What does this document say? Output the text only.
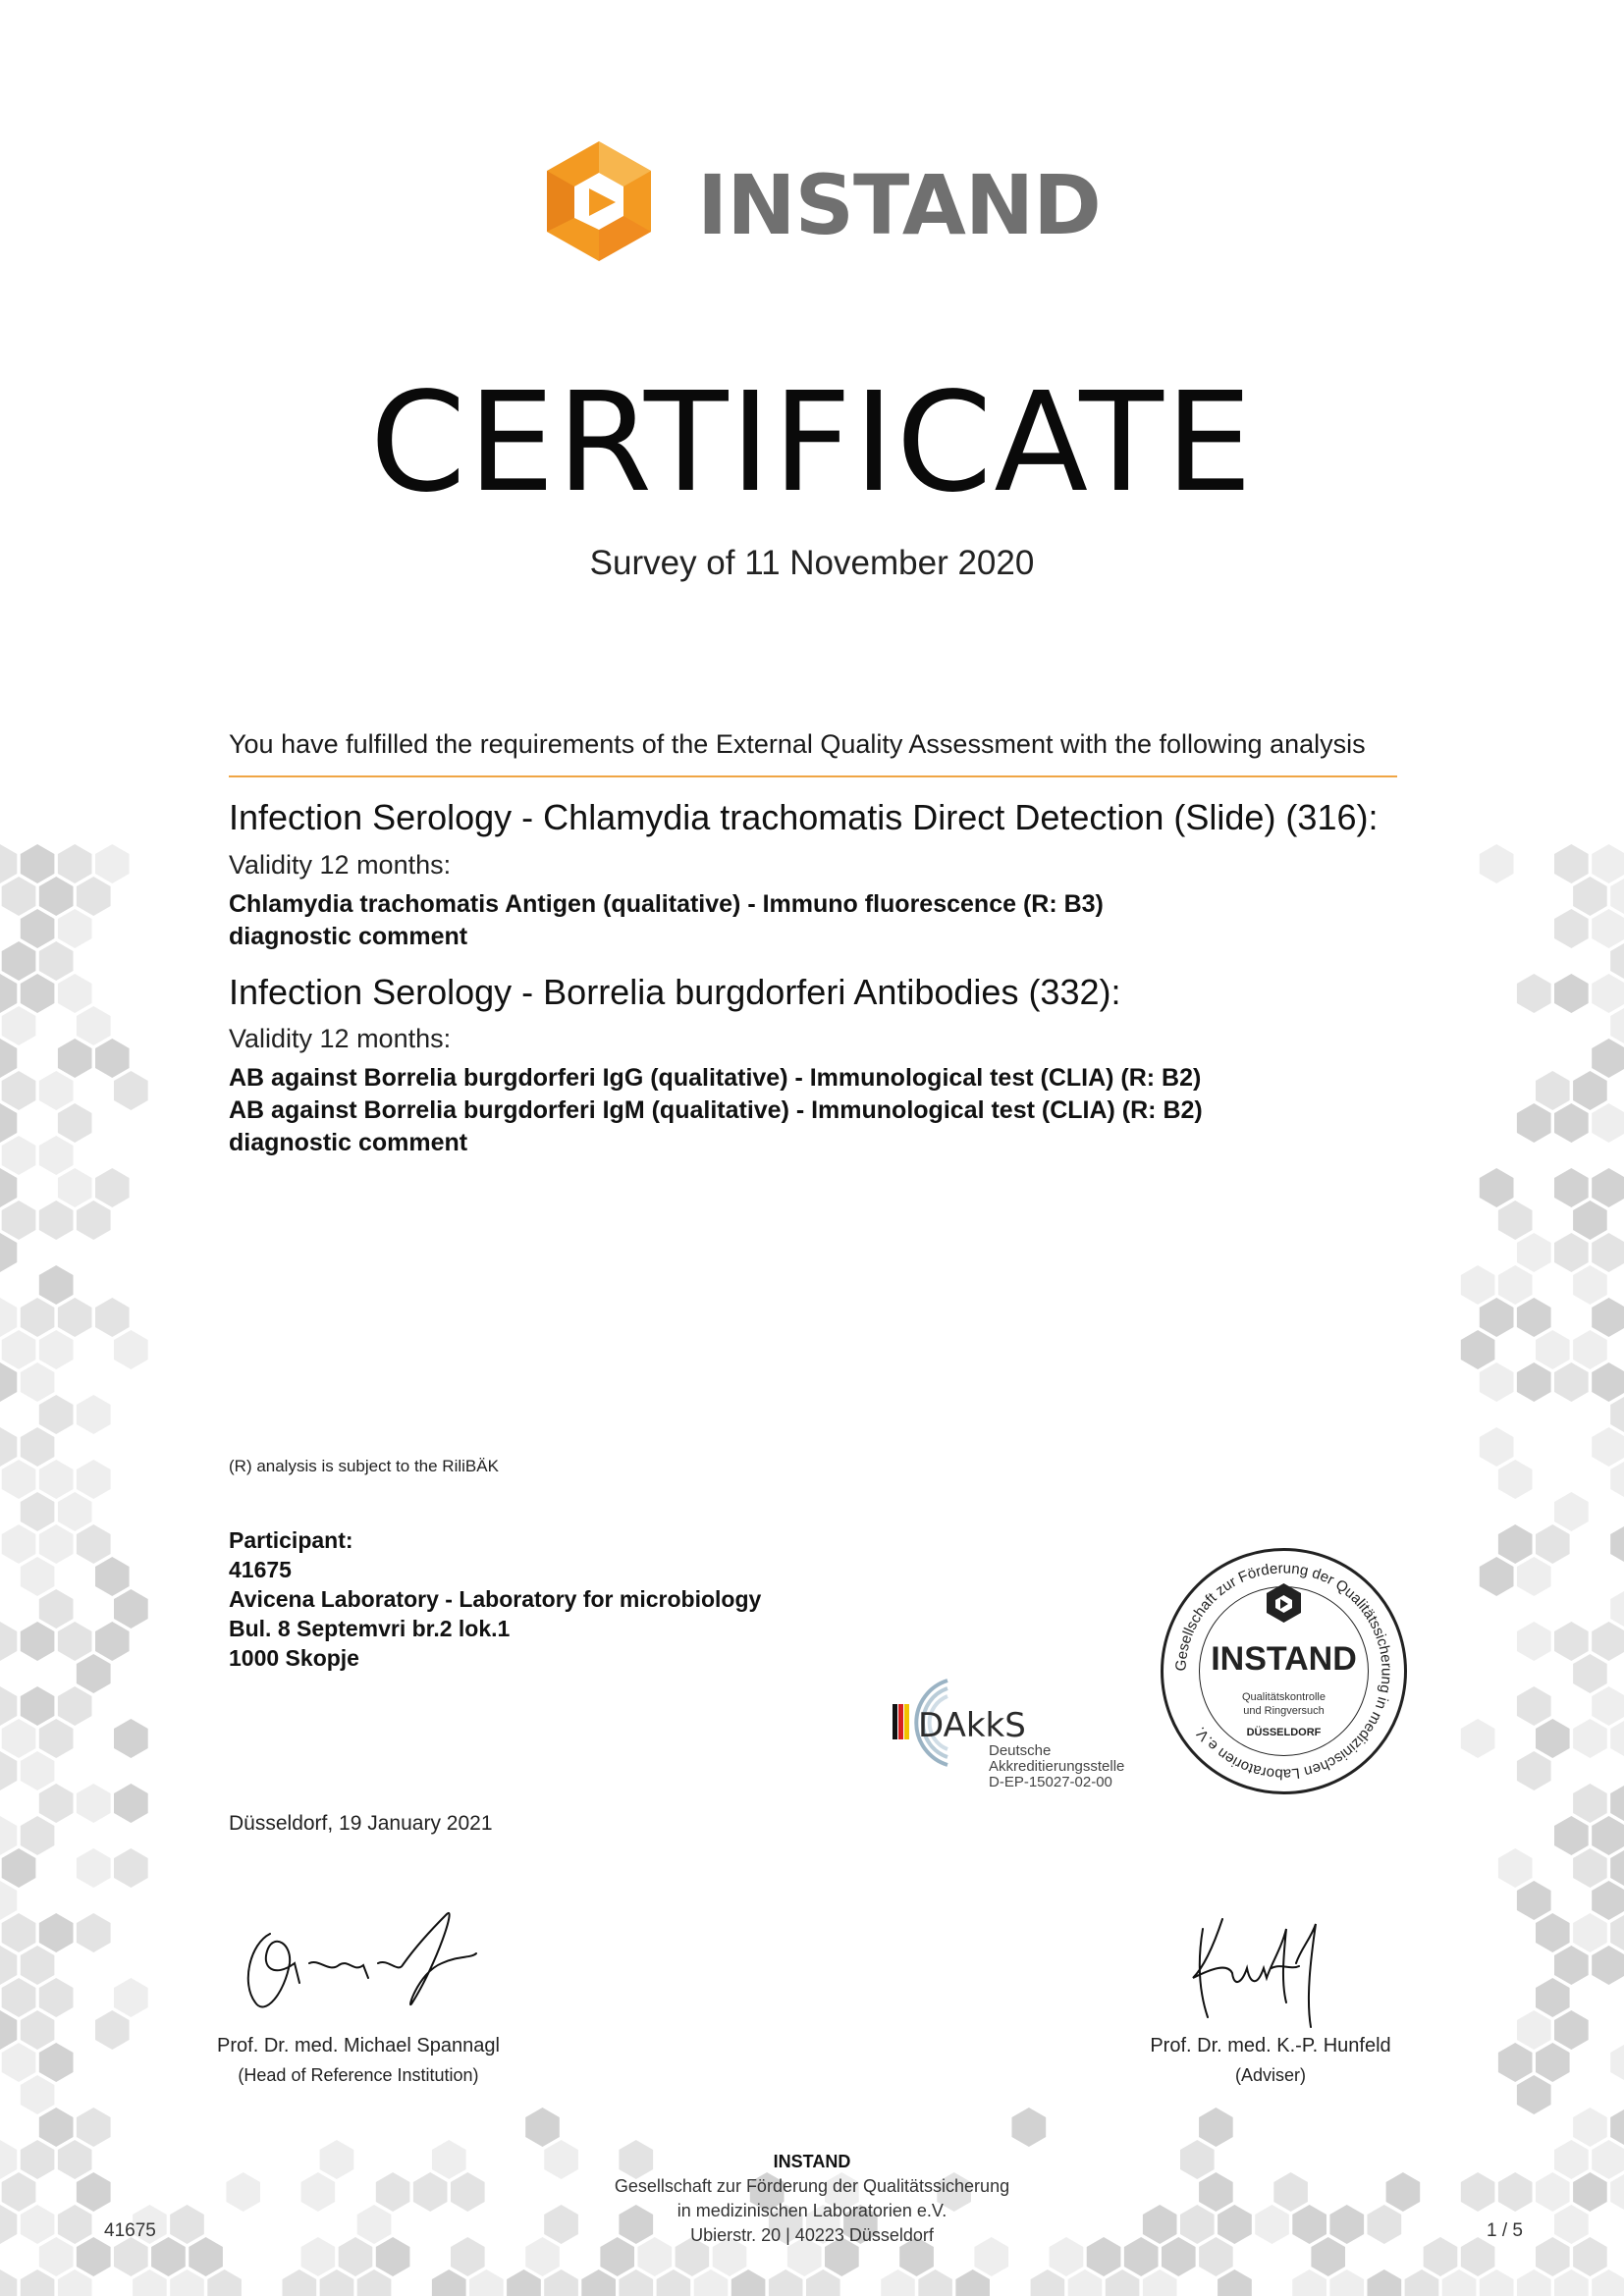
INSTAND
CERTIFICATE
Survey of 11 November 2020
You have fulfilled the requirements of the External Quality Assessment with the following analysis
Infection Serology - Chlamydia trachomatis Direct Detection (Slide) (316):
Validity 12 months:
Chlamydia trachomatis Antigen (qualitative) - Immuno fluorescence (R: B3)
diagnostic comment
Infection Serology - Borrelia burgdorferi Antibodies (332):
Validity 12 months:
AB against Borrelia burgdorferi IgG (qualitative) - Immunological test (CLIA) (R: B2)
AB against Borrelia burgdorferi IgM (qualitative) - Immunological test (CLIA) (R: B2)
diagnostic comment
(R) analysis is subject to the RiliBÄK
Participant:
41675
Avicena Laboratory - Laboratory for microbiology
Bul. 8 Septemvri br.2 lok.1
1000 Skopje
DAkkS
Deutsche
Akkreditierungsstelle
D-EP-15027-02-00
Gesellschaft zur Förderung der Qualitätssicherung in medizinischen Laboratorien e.V.
INSTAND
Qualitätskontrolle
und Ringversuch
DÜSSELDORF
Düsseldorf, 19 January 2021
Prof. Dr. med. Michael Spannagl
(Head of Reference Institution)
Prof. Dr. med. K.-P. Hunfeld
(Adviser)
INSTAND
Gesellschaft zur Förderung der Qualitätssicherung
in medizinischen Laboratorien e.V.
Ubierstr. 20 | 40223 Düsseldorf
41675	1 / 5
